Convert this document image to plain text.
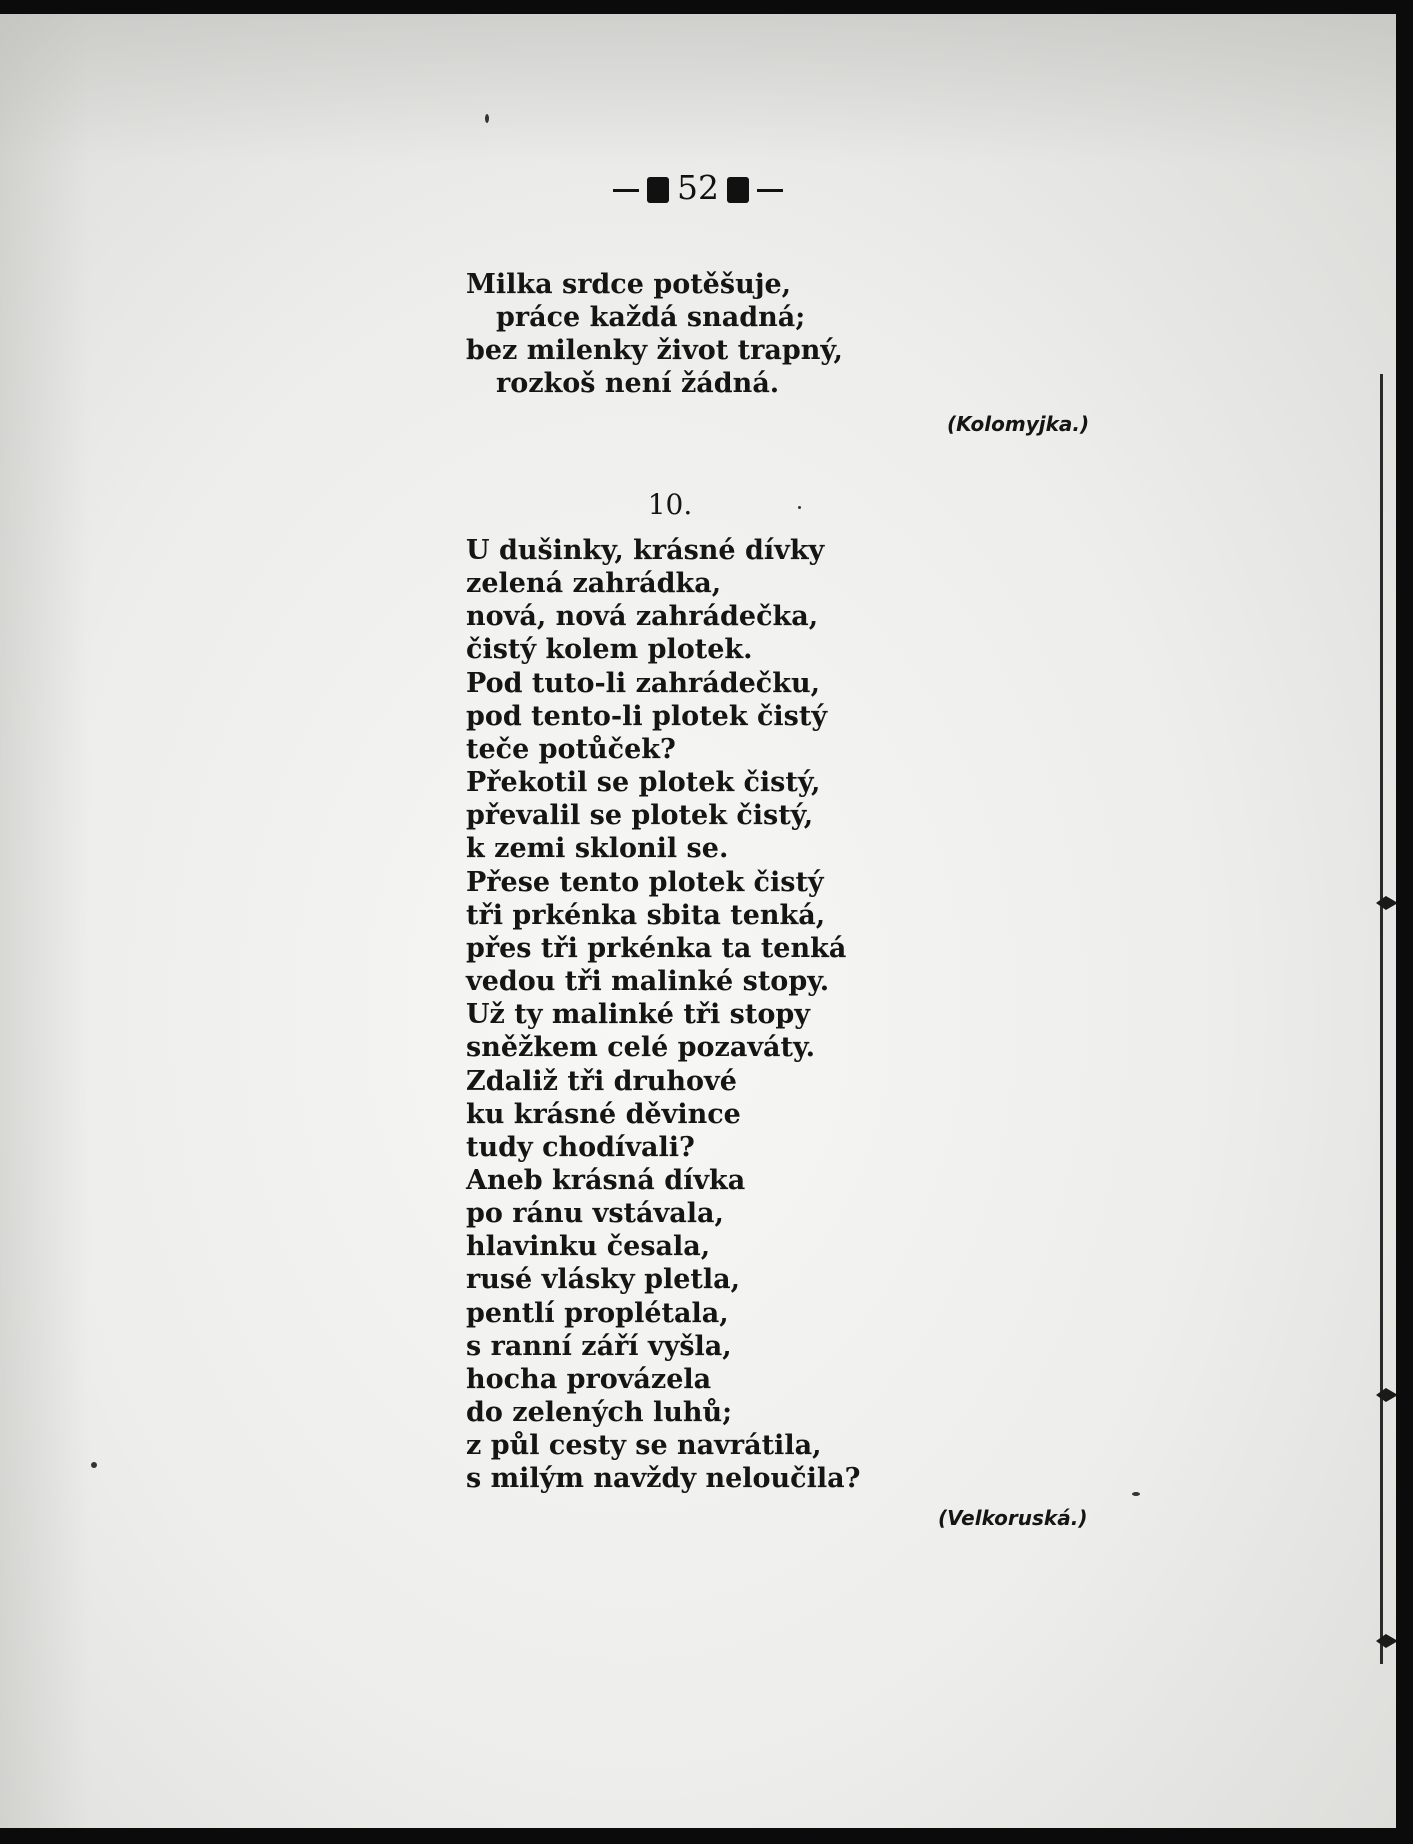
52
Milka srdce potěšuje,
práce každá snadná;
bez milenky život trapný,
rozkoš není žádná.
(Kolomyjka.)
10.
U dušinky, krásné dívky
zelená zahrádka,
nová, nová zahrádečka,
čistý kolem plotek.
Pod tuto-li zahrádečku,
pod tento-li plotek čistý
teče potůček?
Překotil se plotek čistý,
převalil se plotek čistý,
k zemi sklonil se.
Přese tento plotek čistý
tři prkénka sbita tenká,
přes tři prkénka ta tenká
vedou tři malinké stopy.
Už ty malinké tři stopy
sněžkem celé pozaváty.
Zdaliž tři druhové
ku krásné děvince
tudy chodívali?
Aneb krásná dívka
po ránu vstávala,
hlavinku česala,
rusé vlásky pletla,
pentlí proplétala,
s ranní září vyšla,
hocha provázela
do zelených luhů;
z půl cesty se navrátila,
s milým navždy neloučila?
(Velkoruská.)
